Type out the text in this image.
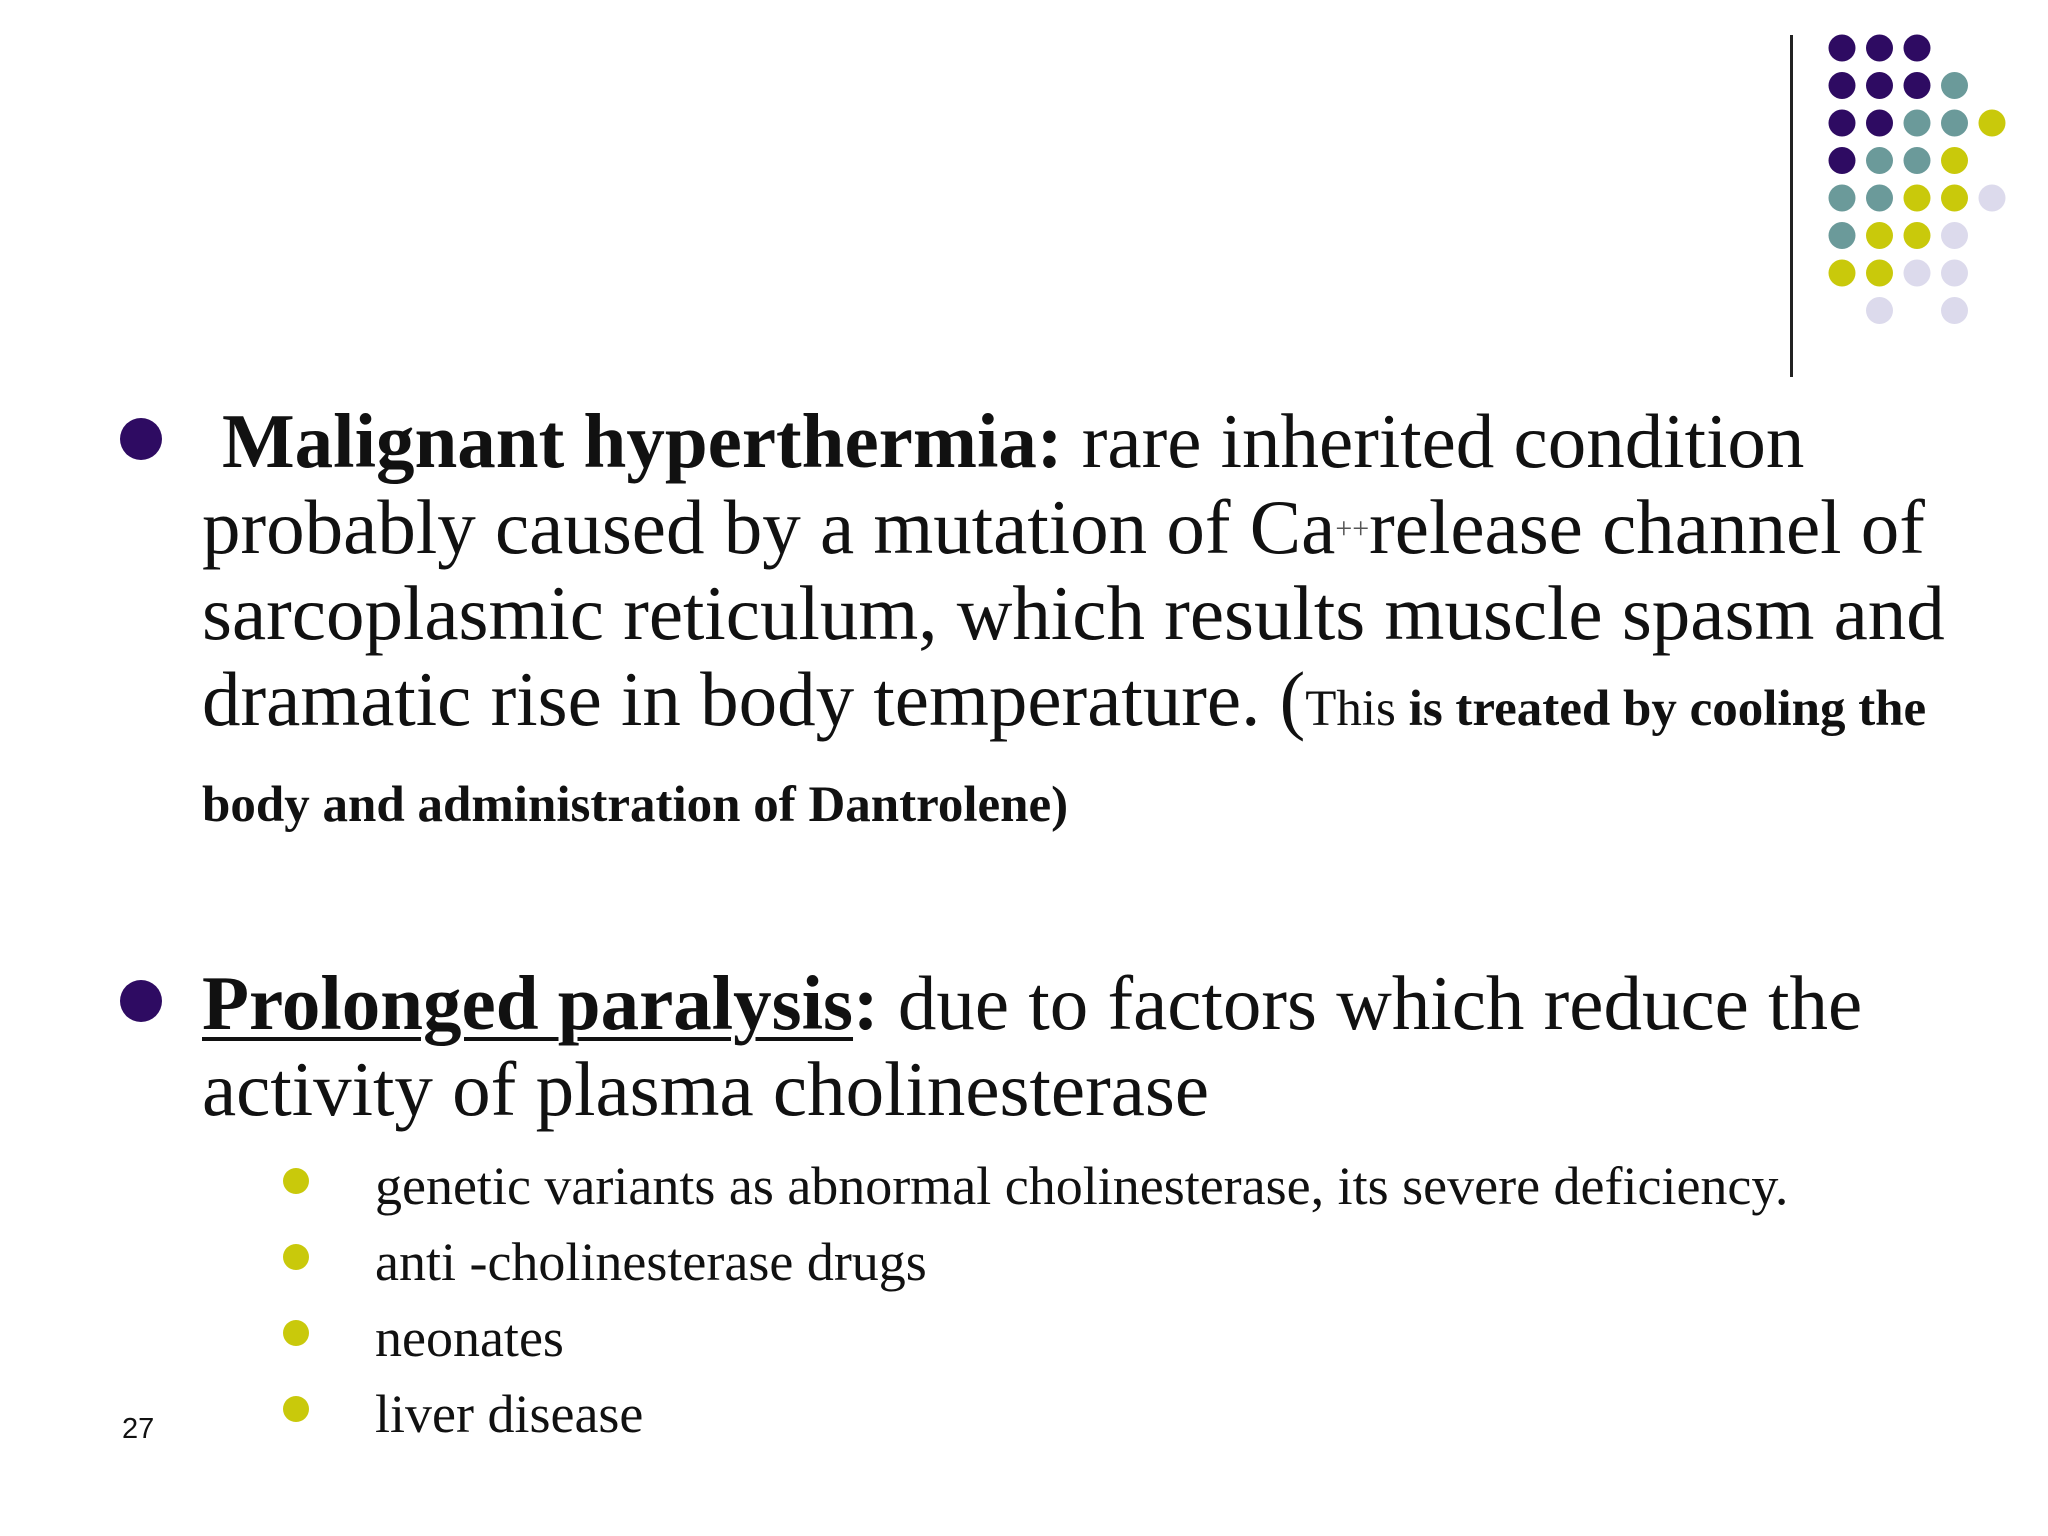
Malignant hyperthermia: rare inherited condition probably caused by a mutation of Ca++release channel of sarcoplasmic reticulum, which results muscle spasm and dramatic rise in body temperature. (This is treated by cooling the body and administration of Dantrolene)
Prolonged paralysis: due to factors which reduce the activity of plasma cholinesterase
genetic variants as abnormal cholinesterase, its severe deficiency.
anti -cholinesterase drugs
neonates
liver disease
27
